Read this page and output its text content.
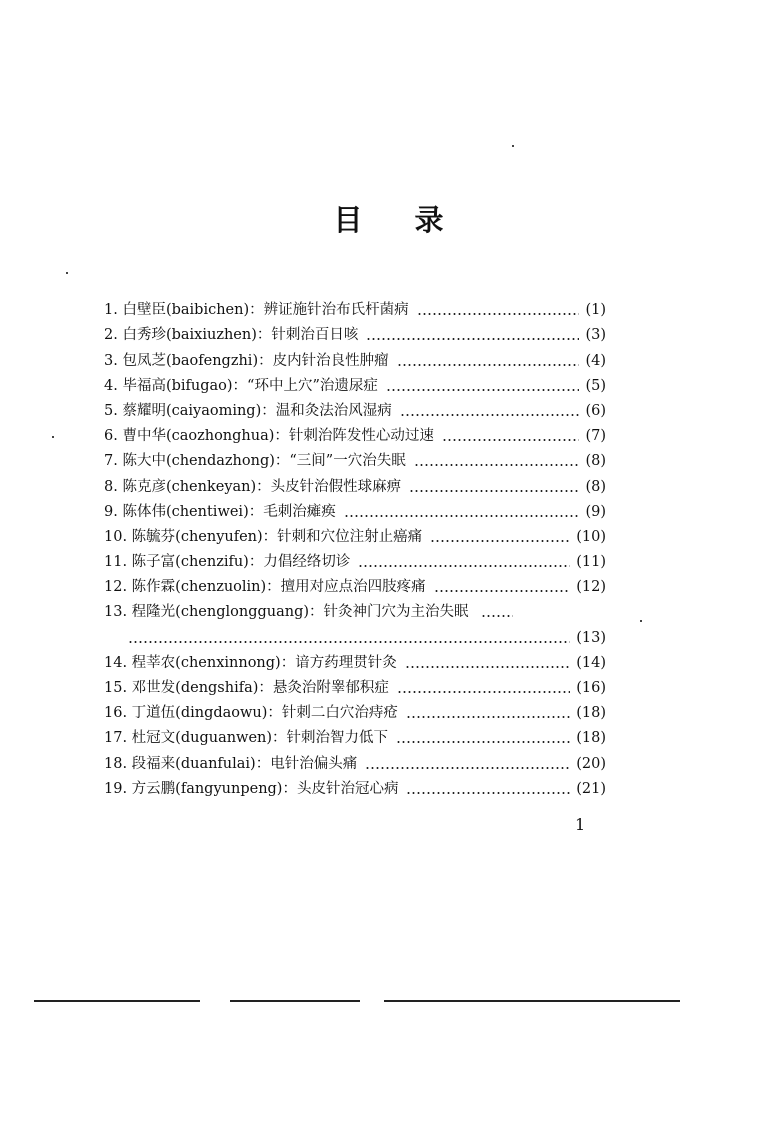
目 录
1. 白壁臣(baibichen)：辨证施针治布氏杆菌病	(1)
2. 白秀珍(baixiuzhen)：针刺治百日咳	(3)
3. 包凤芝(baofengzhi)：皮内针治良性肿瘤	(4)
4. 毕福高(bifugao)：“环中上穴”治遗尿症	(5)
5. 蔡耀明(caiyaoming)：温和灸法治风湿病	(6)
6. 曹中华(caozhonghua)：针刺治阵发性心动过速	(7)
7. 陈大中(chendazhong)：“三间”一穴治失眠	(8)
8. 陈克彦(chenkeyan)：头皮针治假性球麻痹	(8)
9. 陈体伟(chentiwei)：毛刺治瘫痪	(9)
10. 陈毓芬(chenyufen)：针刺和穴位注射止癌痛	(10)
11. 陈子富(chenzifu)：力倡经络切诊	(11)
12. 陈作霖(chenzuolin)：擅用对应点治四肢疼痛	(12)
13. 程隆光(chenglongguang)：针灸神门穴为主治失眠
(13)
14. 程莘农(chenxinnong)：谙方药理贯针灸	(14)
15. 邓世发(dengshifa)：悬灸治附睾郁积症	(16)
16. 丁道伍(dingdaowu)：针刺二白穴治痔疮	(18)
17. 杜冠文(duguanwen)：针刺治智力低下	(18)
18. 段福来(duanfulai)：电针治偏头痛	(20)
19. 方云鹏(fangyunpeng)：头皮针治冠心病	(21)
1
